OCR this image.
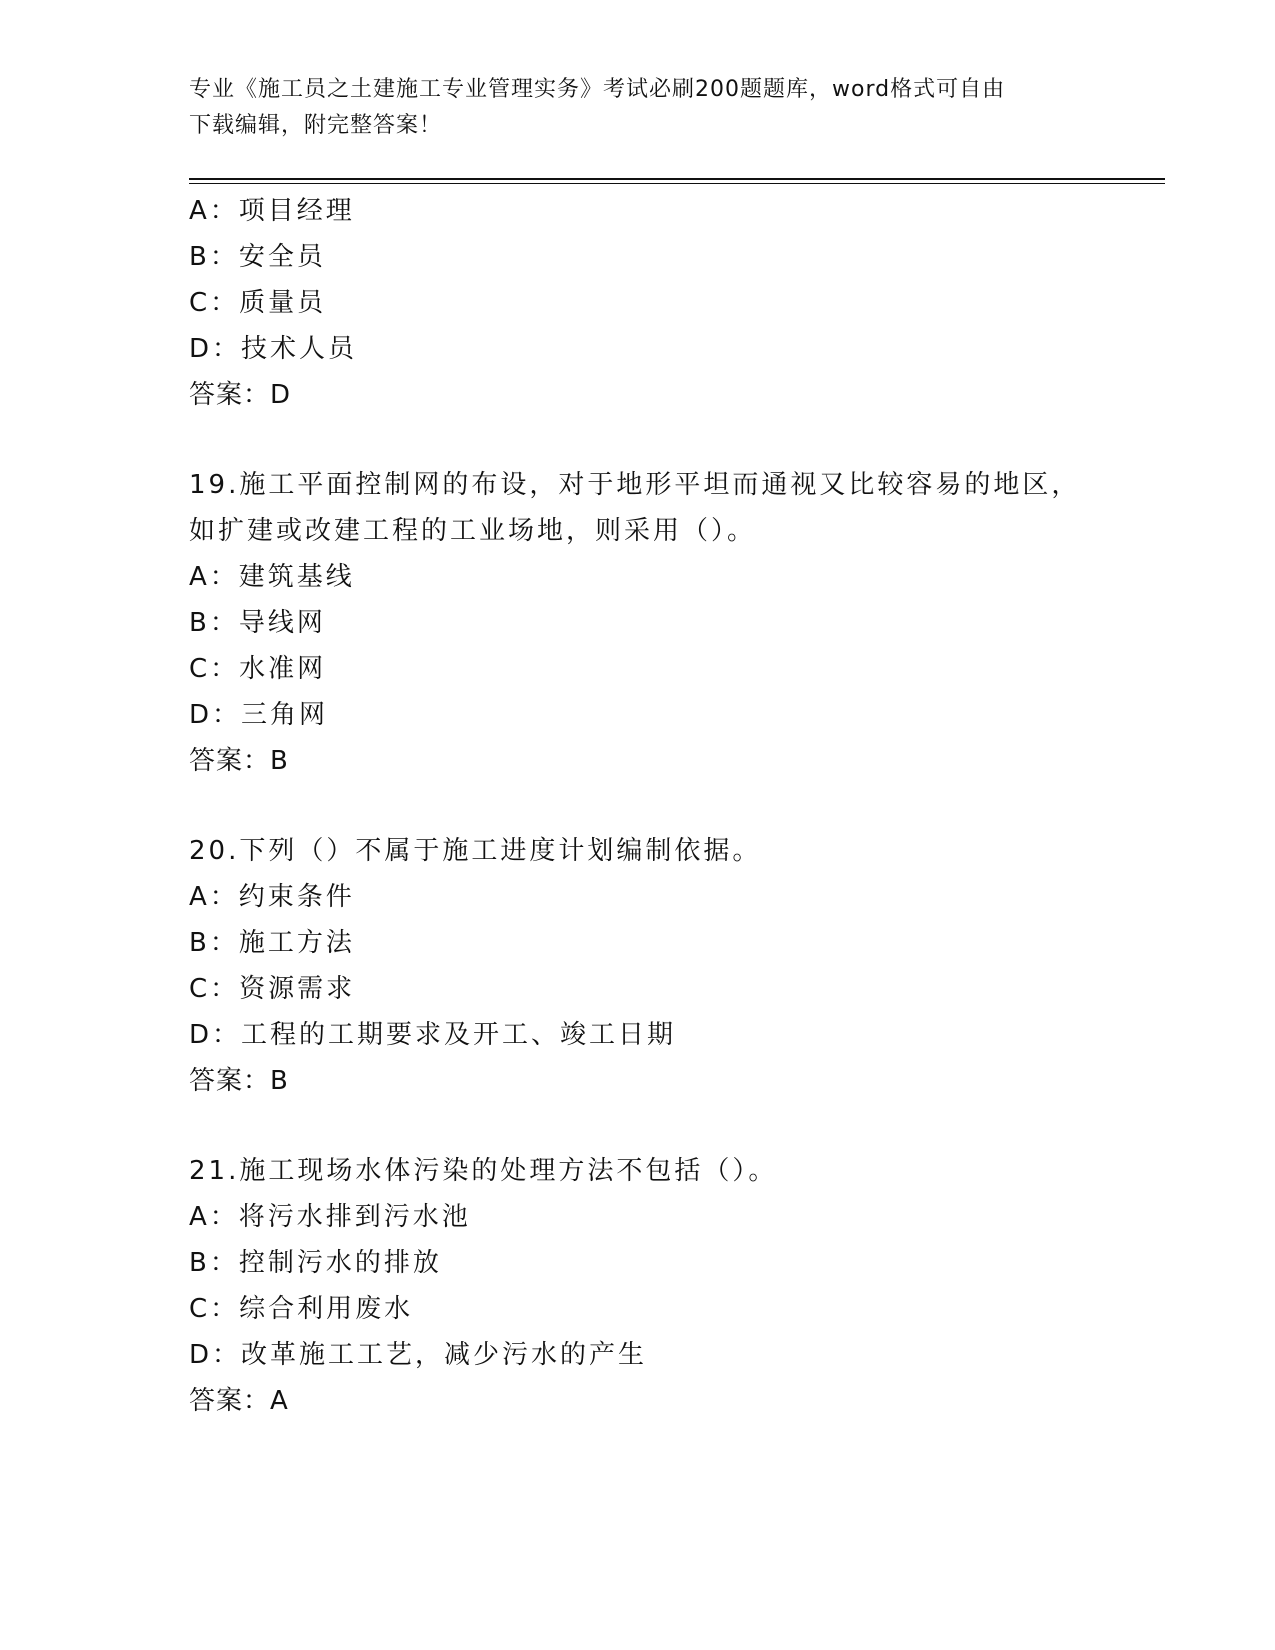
专业《施工员之土建施工专业管理实务》考试必刷200题题库，word格式可自由
下载编辑，附完整答案！
A：项目经理
B：安全员
C：质量员
D：技术人员
答案：D
19.施工平面控制网的布设，对于地形平坦而通视又比较容易的地区，
如扩建或改建工程的工业场地，则采用（）。
A：建筑基线
B：导线网
C：水准网
D：三角网
答案：B
20.下列（）不属于施工进度计划编制依据。
A：约束条件
B：施工方法
C：资源需求
D：工程的工期要求及开工、竣工日期
答案：B
21.施工现场水体污染的处理方法不包括（）。
A：将污水排到污水池
B：控制污水的排放
C：综合利用废水
D：改革施工工艺，减少污水的产生
答案：A
